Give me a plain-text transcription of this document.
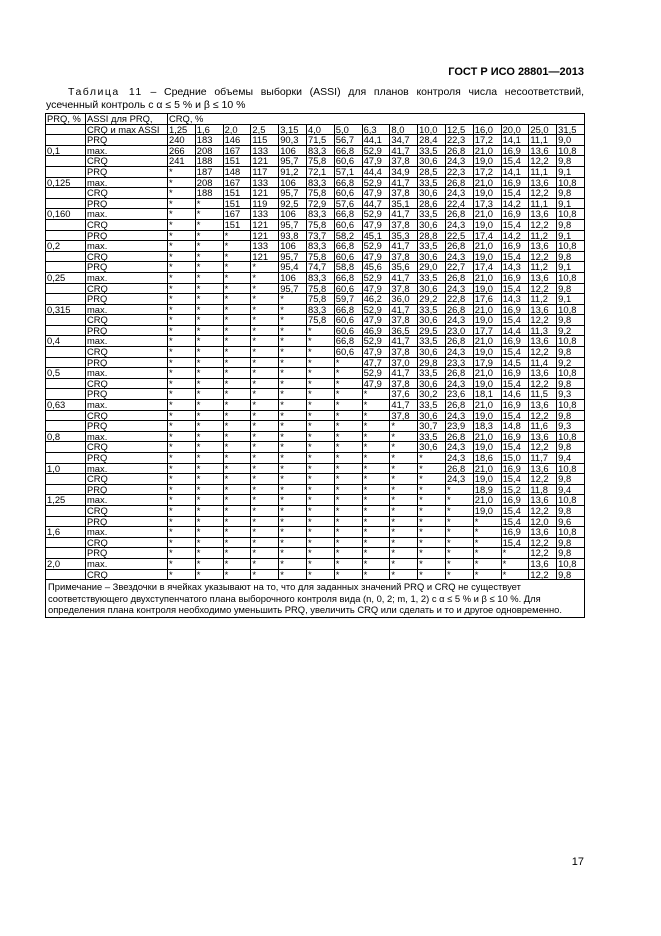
ГОСТ Р ИСО 28801—2013
Таблица 11 – Средние объемы выборки (ASSI) для планов контроля числа несоответствий, усеченный контроль с α ≤ 5 % и β ≤ 10 %
PRQ, %	ASSI для PRQ,	CRQ, %														
	CRQ и max ASSI	1,25	1,6	2,0	2,5	3,15	4,0	5,0	6,3	8,0	10,0	12,5	16,0	20,0	25,0	31,5
	PRQ	240	183	146	115	90,3	71,5	56,7	44,1	34,7	28,4	22,3	17,2	14,1	11,1	9,0
0,1	max.	266	208	167	133	106	83,3	66,8	52,9	41,7	33,5	26,8	21,0	16,9	13,6	10,8
	CRQ	241	188	151	121	95,7	75,8	60,6	47,9	37,8	30,6	24,3	19,0	15,4	12,2	9,8
	PRQ	*	187	148	117	91,2	72,1	57,1	44,4	34,9	28,5	22,3	17,2	14,1	11,1	9,1
0,125	max.	*	208	167	133	106	83,3	66,8	52,9	41,7	33,5	26,8	21,0	16,9	13,6	10,8
	CRQ	*	188	151	121	95,7	75,8	60,6	47,9	37,8	30,6	24,3	19,0	15,4	12,2	9,8
	PRQ	*	*	151	119	92,5	72,9	57,6	44,7	35,1	28,6	22,4	17,3	14,2	11,1	9,1
0,160	max.	*	*	167	133	106	83,3	66,8	52,9	41,7	33,5	26,8	21,0	16,9	13,6	10,8
	CRQ	*	*	151	121	95,7	75,8	60,6	47,9	37,8	30,6	24,3	19,0	15,4	12,2	9,8
	PRQ	*	*	*	121	93,8	73,7	58,2	45,1	35,3	28,8	22,5	17,4	14,2	11,2	9,1
0,2	max.	*	*	*	133	106	83,3	66,8	52,9	41,7	33,5	26,8	21,0	16,9	13,6	10,8
	CRQ	*	*	*	121	95,7	75,8	60,6	47,9	37,8	30,6	24,3	19,0	15,4	12,2	9,8
	PRQ	*	*	*	*	95,4	74,7	58,8	45,6	35,6	29,0	22,7	17,4	14,3	11,2	9,1
0,25	max.	*	*	*	*	106	83,3	66,8	52,9	41,7	33,5	26,8	21,0	16,9	13,6	10,8
	CRQ	*	*	*	*	95,7	75,8	60,6	47,9	37,8	30,6	24,3	19,0	15,4	12,2	9,8
	PRQ	*	*	*	*	*	75,8	59,7	46,2	36,0	29,2	22,8	17,6	14,3	11,2	9,1
0,315	max.	*	*	*	*	*	83,3	66,8	52,9	41,7	33,5	26,8	21,0	16,9	13,6	10,8
	CRQ	*	*	*	*	*	75,8	60,6	47,9	37,8	30,6	24,3	19,0	15,4	12,2	9,8
	PRQ	*	*	*	*	*	*	60,6	46,9	36,5	29,5	23,0	17,7	14,4	11,3	9,2
0,4	max.	*	*	*	*	*	*	66,8	52,9	41,7	33,5	26,8	21,0	16,9	13,6	10,8
	CRQ	*	*	*	*	*	*	60,6	47,9	37,8	30,6	24,3	19,0	15,4	12,2	9,8
	PRQ	*	*	*	*	*	*	*	47,7	37,0	29,8	23,3	17,9	14,5	11,4	9,2
0,5	max.	*	*	*	*	*	*	*	52,9	41,7	33,5	26,8	21,0	16,9	13,6	10,8
	CRQ	*	*	*	*	*	*	*	47,9	37,8	30,6	24,3	19,0	15,4	12,2	9,8
	PRQ	*	*	*	*	*	*	*	*	37,6	30,2	23,6	18,1	14,6	11,5	9,3
0,63	max.	*	*	*	*	*	*	*	*	41,7	33,5	26,8	21,0	16,9	13,6	10,8
	CRQ	*	*	*	*	*	*	*	*	37,8	30,6	24,3	19,0	15,4	12,2	9,8
	PRQ	*	*	*	*	*	*	*	*	*	30,7	23,9	18,3	14,8	11,6	9,3
0,8	max.	*	*	*	*	*	*	*	*	*	33,5	26,8	21,0	16,9	13,6	10,8
	CRQ	*	*	*	*	*	*	*	*	*	30,6	24,3	19,0	15,4	12,2	9,8
	PRQ	*	*	*	*	*	*	*	*	*	*	24,3	18,6	15,0	11,7	9,4
1,0	max.	*	*	*	*	*	*	*	*	*	*	26,8	21,0	16,9	13,6	10,8
	CRQ	*	*	*	*	*	*	*	*	*	*	24,3	19,0	15,4	12,2	9,8
	PRQ	*	*	*	*	*	*	*	*	*	*	*	18,9	15,2	11,8	9,4
1,25	max.	*	*	*	*	*	*	*	*	*	*	*	21,0	16,9	13,6	10,8
	CRQ	*	*	*	*	*	*	*	*	*	*	*	19,0	15,4	12,2	9,8
	PRQ	*	*	*	*	*	*	*	*	*	*	*	*	15,4	12,0	9,6
1,6	max.	*	*	*	*	*	*	*	*	*	*	*	*	16,9	13,6	10,8
	CRQ	*	*	*	*	*	*	*	*	*	*	*	*	15,4	12,2	9,8
	PRQ	*	*	*	*	*	*	*	*	*	*	*	*	*	12,2	9,8
2,0	max.	*	*	*	*	*	*	*	*	*	*	*	*	*	13,6	10,8
	CRQ	*	*	*	*	*	*	*	*	*	*	*	*	*	12,2	9,8
Примечание – Звездочки в ячейках указывают на то, что для заданных значений PRQ и CRQ не существует соответствующего двухступенчатого плана выборочного контроля вида (n, 0, 2; m, 1, 2) с α ≤ 5 % и β ≤ 10 %. Для определения плана контроля необходимо уменьшить PRQ, увеличить CRQ или сделать и то и другое одновременно.																
17
